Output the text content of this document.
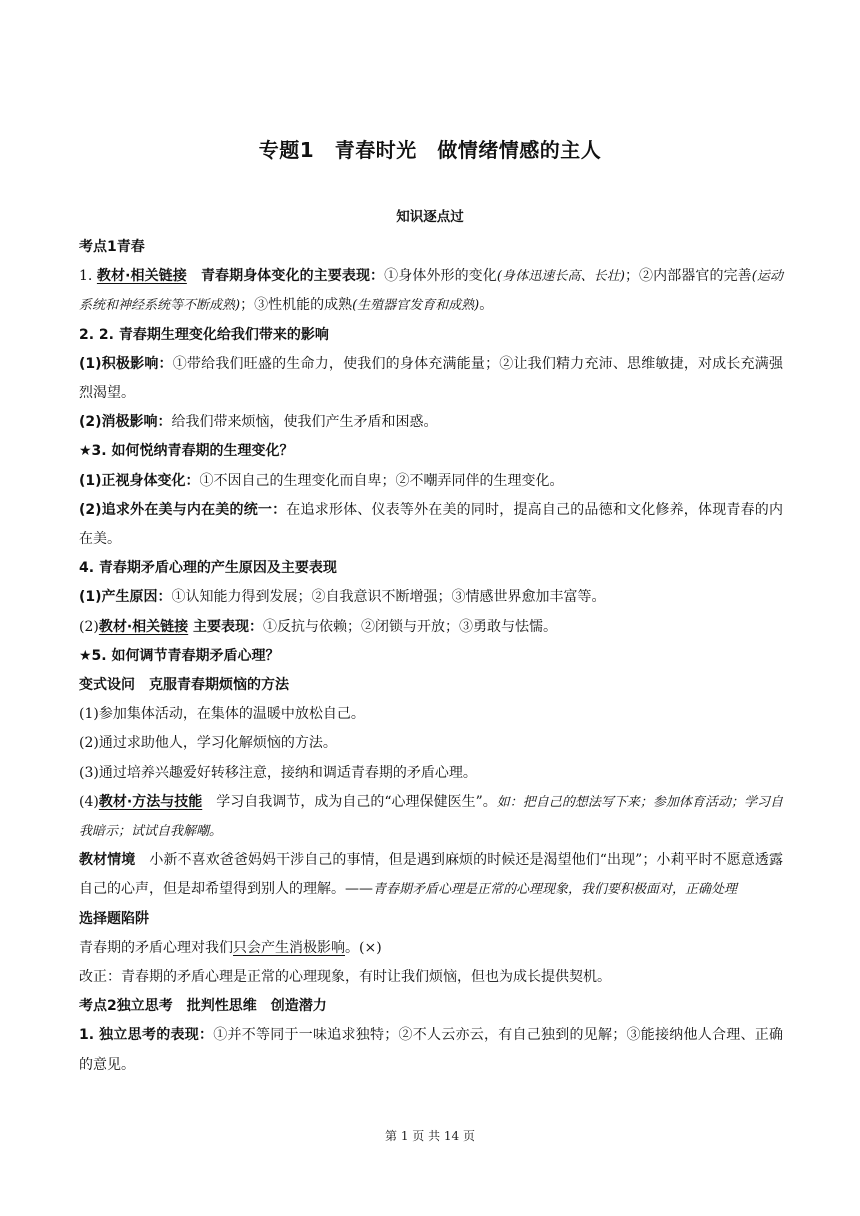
专题1　青春时光　做情绪情感的主人
知识逐点过

考点1青春

1. 教材·相关链接　青春期身体变化的主要表现：①身体外形的变化(身体迅速长高、长壮)；②内部器官的完善(运动系统和神经系统等不断成熟)；③性机能的成熟(生殖器官发育和成熟)。

2. 2. 青春期生理变化给我们带来的影响

(1)积极影响：①带给我们旺盛的生命力，使我们的身体充满能量；②让我们精力充沛、思维敏捷，对成长充满强烈渴望。

(2)消极影响：给我们带来烦恼，使我们产生矛盾和困惑。

★3. 如何悦纳青春期的生理变化？

(1)正视身体变化：①不因自己的生理变化而自卑；②不嘲弄同伴的生理变化。

(2)追求外在美与内在美的统一：在追求形体、仪表等外在美的同时，提高自己的品德和文化修养，体现青春的内在美。

4. 青春期矛盾心理的产生原因及主要表现

(1)产生原因：①认知能力得到发展；②自我意识不断增强；③情感世界愈加丰富等。

(2)教材·相关链接 主要表现：①反抗与依赖；②闭锁与开放；③勇敢与怯懦。

★5. 如何调节青春期矛盾心理？

变式设问　克服青春期烦恼的方法

(1)参加集体活动，在集体的温暖中放松自己。

(2)通过求助他人，学习化解烦恼的方法。

(3)通过培养兴趣爱好转移注意，接纳和调适青春期的矛盾心理。

(4)教材·方法与技能　学习自我调节，成为自己的“心理保健医生”。如：把自己的想法写下来；参加体育活动；学习自我暗示；试试自我解嘲。

教材情境　小新不喜欢爸爸妈妈干涉自己的事情，但是遇到麻烦的时候还是渴望他们“出现”；小莉平时不愿意透露自己的心声，但是却希望得到别人的理解。——青春期矛盾心理是正常的心理现象，我们要积极面对，正确处理

选择题陷阱

青春期的矛盾心理对我们只会产生消极影响。(×)

改正：青春期的矛盾心理是正常的心理现象，有时让我们烦恼，但也为成长提供契机。

考点2独立思考　批判性思维　创造潜力

1. 独立思考的表现：①并不等同于一味追求独特；②不人云亦云，有自己独到的见解；③能接纳他人合理、正确的意见。

第 1 页 共 14 页
